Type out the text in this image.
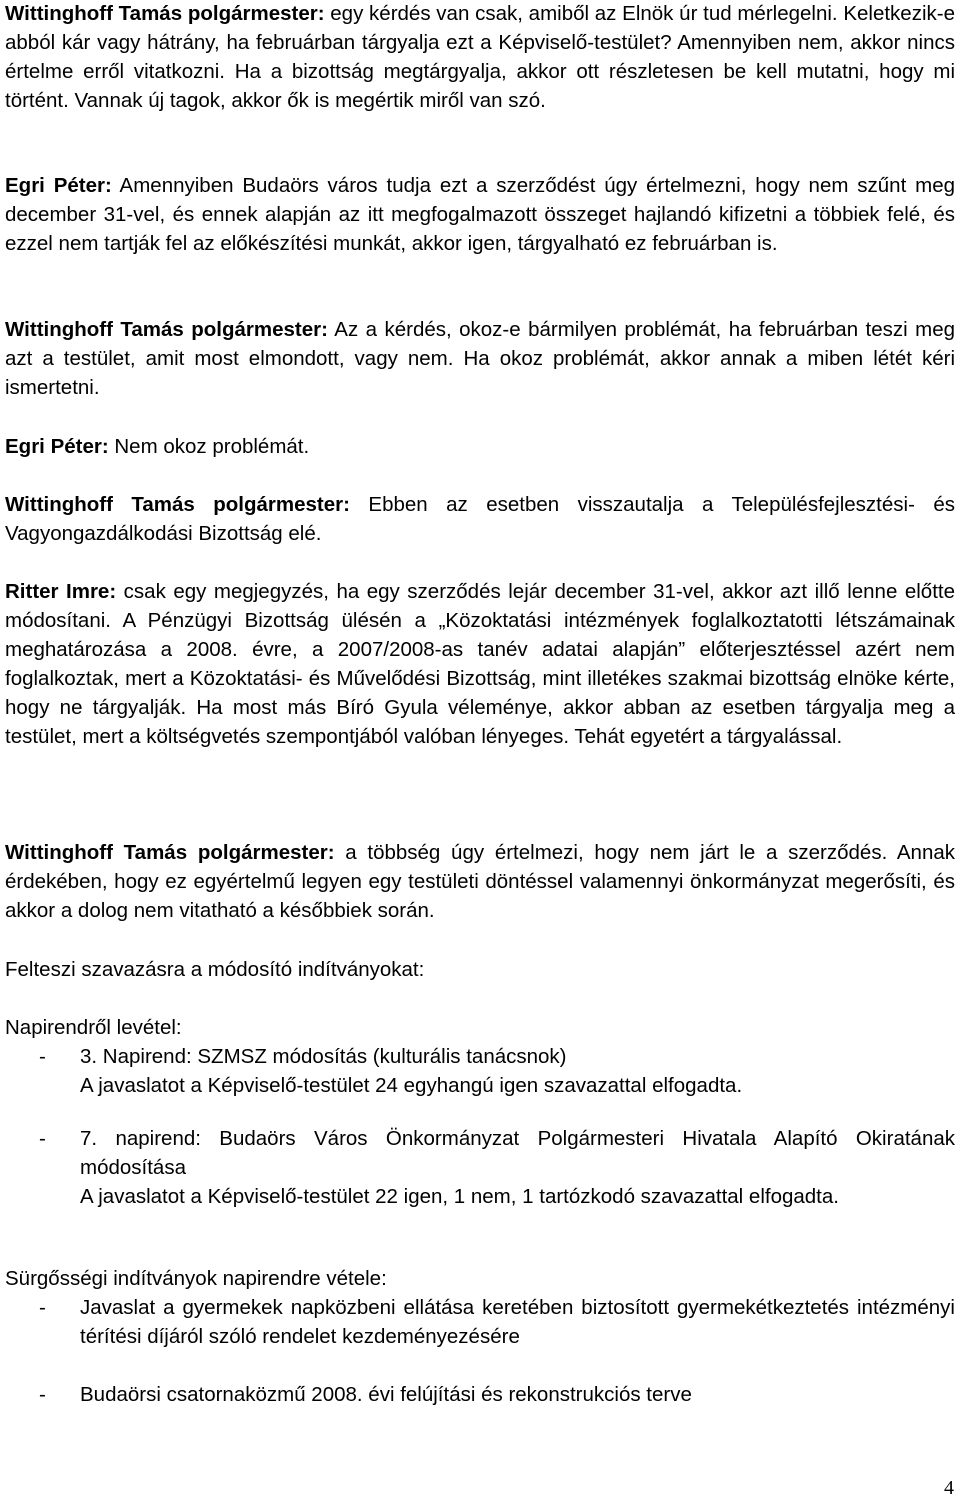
Wittinghoff Tamás polgármester: egy kérdés van csak, amiből az Elnök úr tud mérlegelni. Keletkezik-e abból kár vagy hátrány, ha februárban tárgyalja ezt a Képviselő-testület? Amennyiben nem, akkor nincs értelme erről vitatkozni. Ha a bizottság megtárgyalja, akkor ott részletesen be kell mutatni, hogy mi történt. Vannak új tagok, akkor ők is megértik miről van szó.

Egri Péter: Amennyiben Budaörs város tudja ezt a szerződést úgy értelmezni, hogy nem szűnt meg december 31-vel, és ennek alapján az itt megfogalmazott összeget hajlandó kifizetni a többiek felé, és ezzel nem tartják fel az előkészítési munkát, akkor igen, tárgyalható ez februárban is.

Wittinghoff Tamás polgármester: Az a kérdés, okoz-e bármilyen problémát, ha februárban teszi meg azt a testület, amit most elmondott, vagy nem. Ha okoz problémát, akkor annak a miben létét kéri ismertetni.

Egri Péter: Nem okoz problémát.

Wittinghoff Tamás polgármester: Ebben az esetben visszautalja a Településfejlesztési- és Vagyongazdálkodási Bizottság elé.

Ritter Imre: csak egy megjegyzés, ha egy szerződés lejár december 31-vel, akkor azt illő lenne előtte módosítani. A Pénzügyi Bizottság ülésén a „Közoktatási intézmények foglalkoztatotti létszámainak meghatározása a 2008. évre, a 2007/2008-as tanév adatai alapján” előterjesztéssel azért nem foglalkoztak, mert a Közoktatási- és Művelődési Bizottság, mint illetékes szakmai bizottság elnöke kérte, hogy ne tárgyalják. Ha most más Bíró Gyula véleménye, akkor abban az esetben tárgyalja meg a testület, mert a költségvetés szempontjából valóban lényeges. Tehát egyetért a tárgyalással.

Wittinghoff Tamás polgármester: a többség úgy értelmezi, hogy nem járt le a szerződés. Annak érdekében, hogy ez egyértelmű legyen egy testületi döntéssel valamennyi önkormányzat megerősíti, és akkor a dolog nem vitatható a későbbiek során.

Felteszi szavazásra a módosító indítványokat:

Napirendről levétel:

- 3. Napirend: SZMSZ módosítás (kulturális tanácsnok)
A javaslatot a Képviselő-testület 24 egyhangú igen szavazattal elfogadta.
- 7. napirend: Budaörs Város Önkormányzat Polgármesteri Hivatala Alapító Okiratának módosítása
A javaslatot a Képviselő-testület 22 igen, 1 nem, 1 tartózkodó szavazattal elfogadta.

Sürgősségi indítványok napirendre vétele:

- Javaslat a gyermekek napközbeni ellátása keretében biztosított gyermekétkeztetés intézményi térítési díjáról szóló rendelet kezdeményezésére
- Budaörsi csatornaközmű 2008. évi felújítási és rekonstrukciós terve
4
